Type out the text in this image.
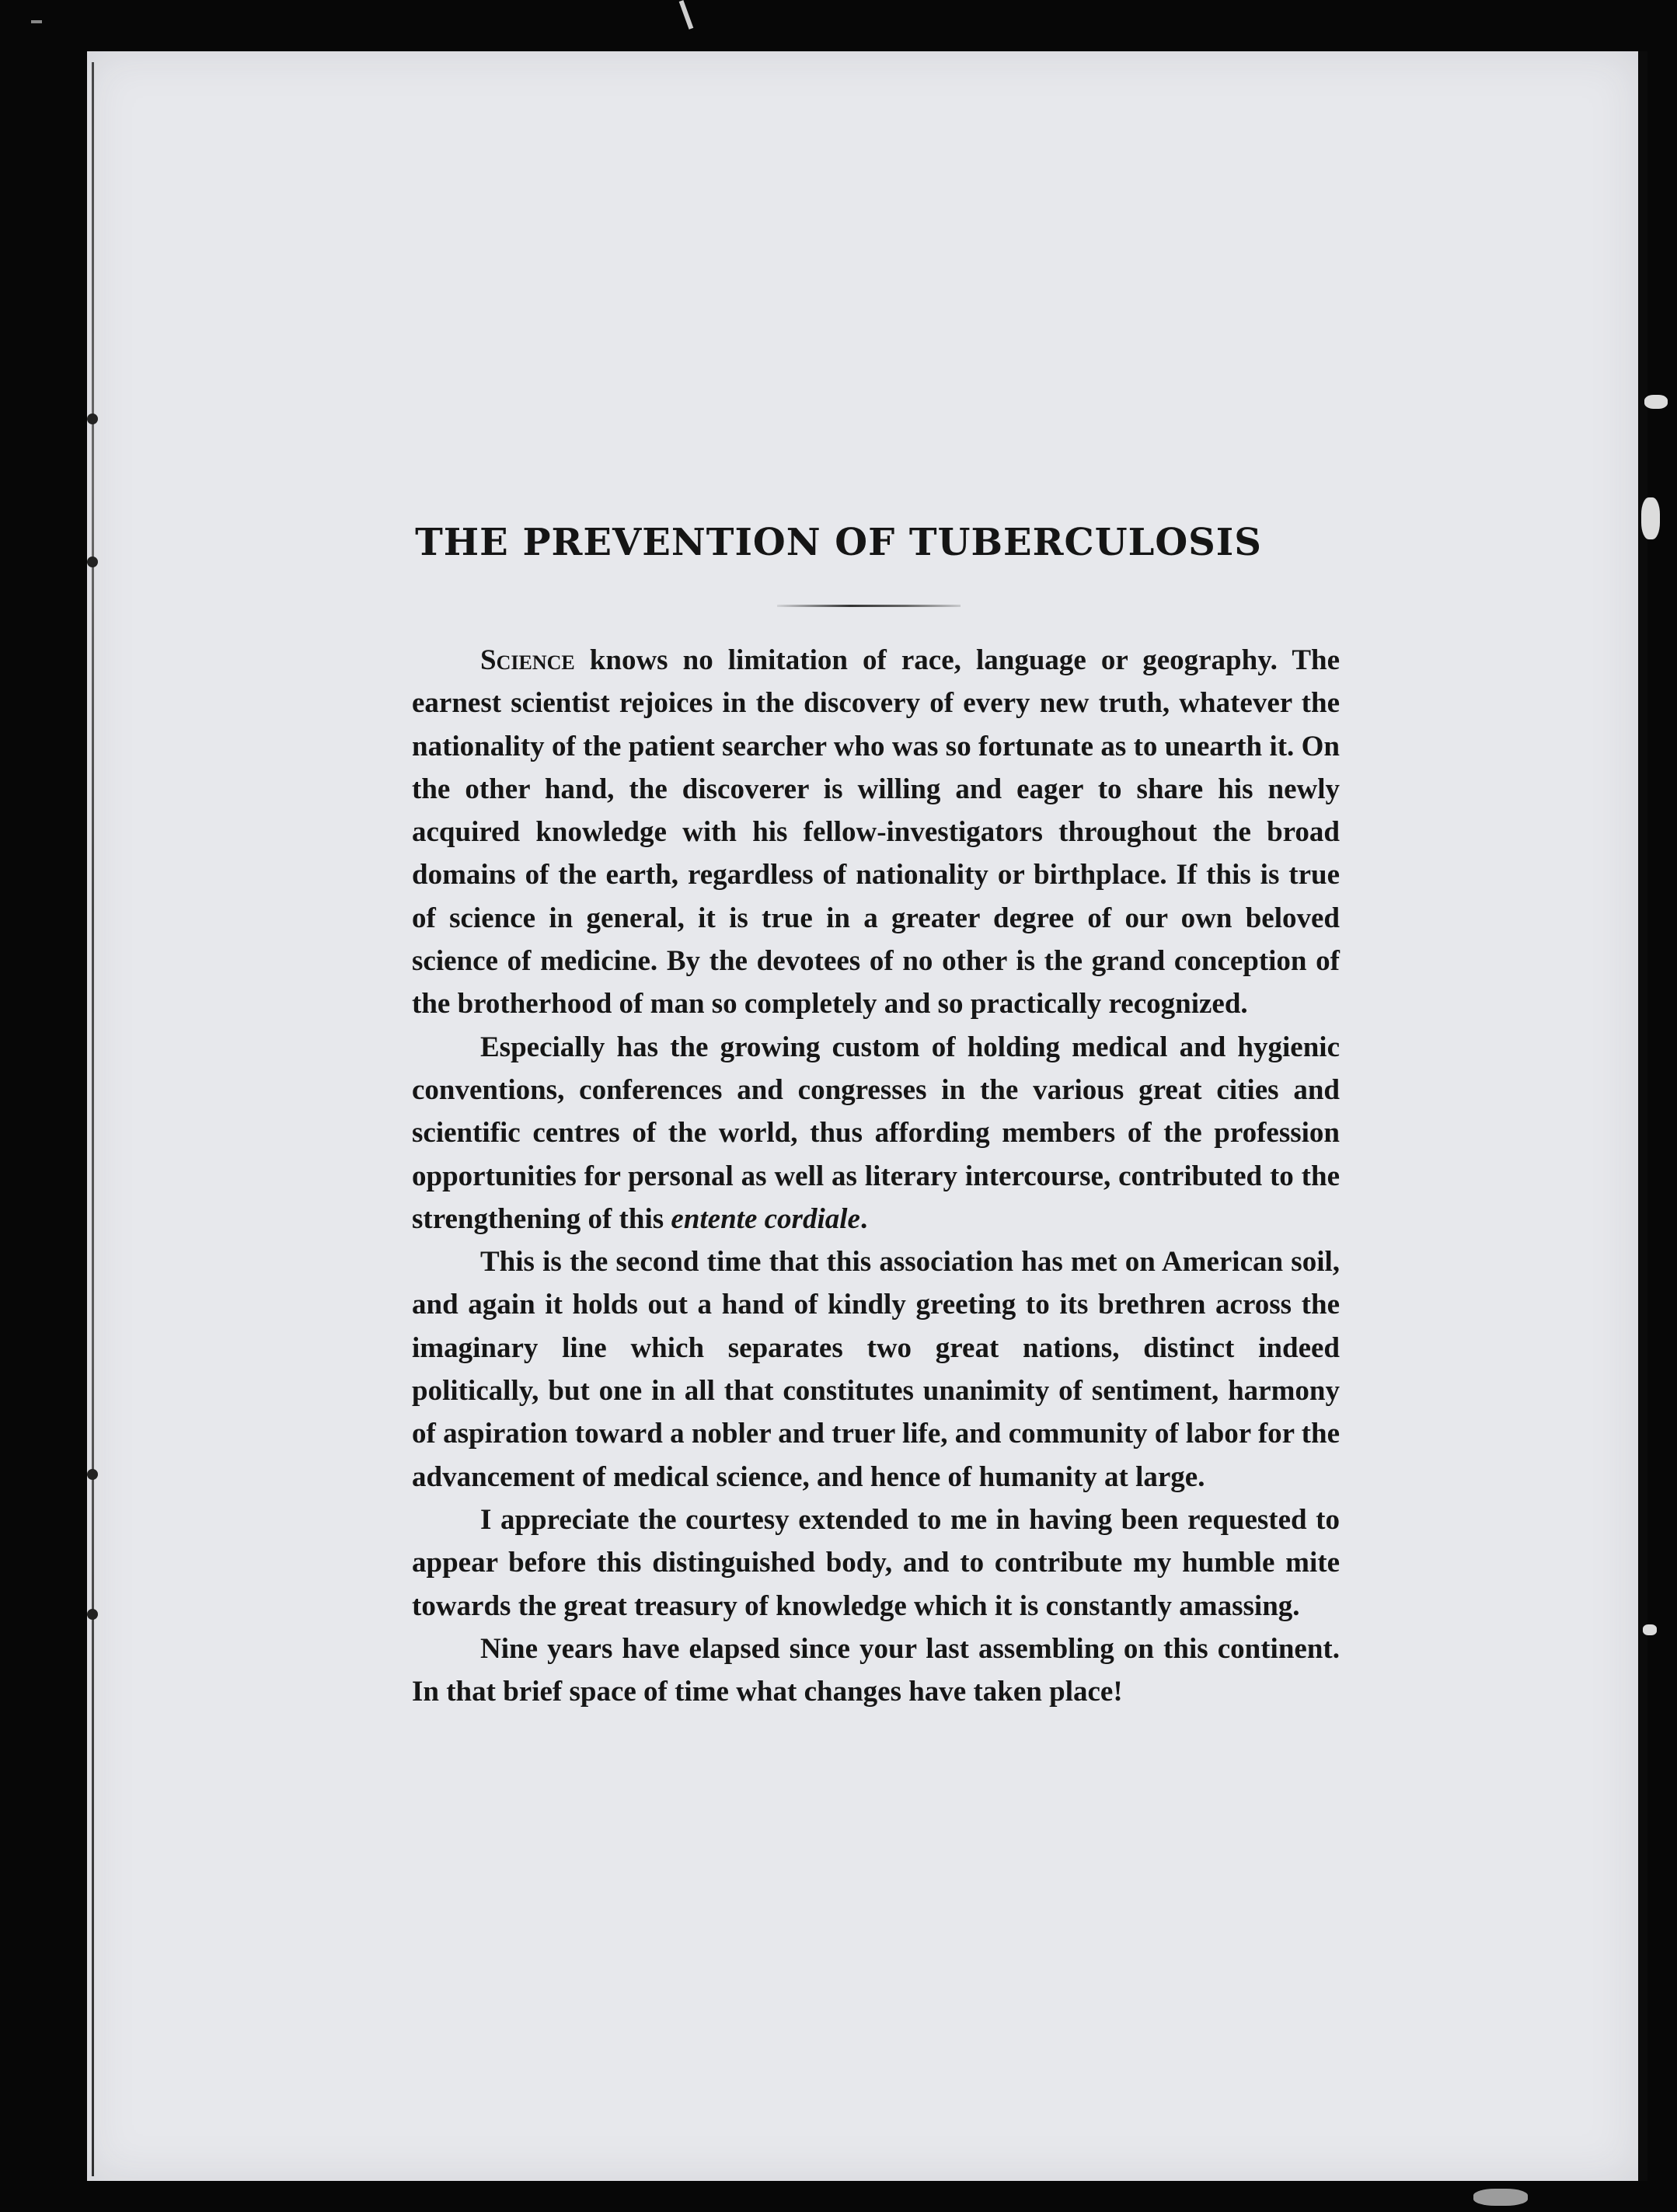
THE PREVENTION OF TUBERCULOSIS

Science knows no limitation of race, language or geography. The earnest scientist rejoices in the discovery of every new truth, whatever the nationality of the patient searcher who was so fortunate as to unearth it. On the other hand, the discoverer is willing and eager to share his newly acquired knowledge with his fellow-investigators throughout the broad domains of the earth, regardless of nationality or birthplace. If this is true of science in general, it is true in a greater degree of our own beloved science of medicine. By the devotees of no other is the grand conception of the brotherhood of man so completely and so practically recognized.

Especially has the growing custom of holding medical and hygienic conventions, conferences and congresses in the various great cities and scientific centres of the world, thus affording members of the profession opportunities for personal as well as literary intercourse, contributed to the strengthening of this entente cordiale.

This is the second time that this association has met on American soil, and again it holds out a hand of kindly greeting to its brethren across the imaginary line which separates two great nations, distinct indeed politically, but one in all that constitutes unanimity of sentiment, harmony of aspiration toward a nobler and truer life, and community of labor for the advancement of medical science, and hence of humanity at large.

I appreciate the courtesy extended to me in having been requested to appear before this distinguished body, and to contribute my humble mite towards the great treasury of knowledge which it is constantly amassing.

Nine years have elapsed since your last assembling on this continent. In that brief space of time what changes have taken place!
